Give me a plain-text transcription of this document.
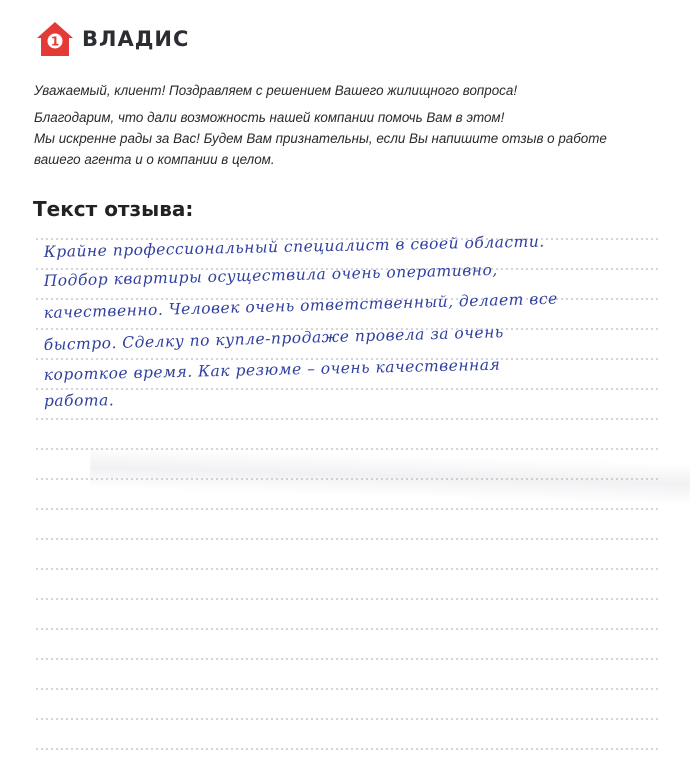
1 ВЛАДИС

Уважаемый, клиент! Поздравляем с решением Вашего жилищного вопроса!

Благодарим, что дали возможность нашей компании помочь Вам в этом!

Мы искренне рады за Вас! Будем Вам признательны, если Вы напишите отзыв о работе

вашего агента и о компании в целом.

Текст отзыва:

Крайне профессиональный специалист в своей области.

Подбор квартиры осуществила очень оперативно,

качественно. Человек очень ответственный, делает все

быстро. Сделку по купле-продаже провела за очень

короткое время. Как резюме – очень качественная

работа.
